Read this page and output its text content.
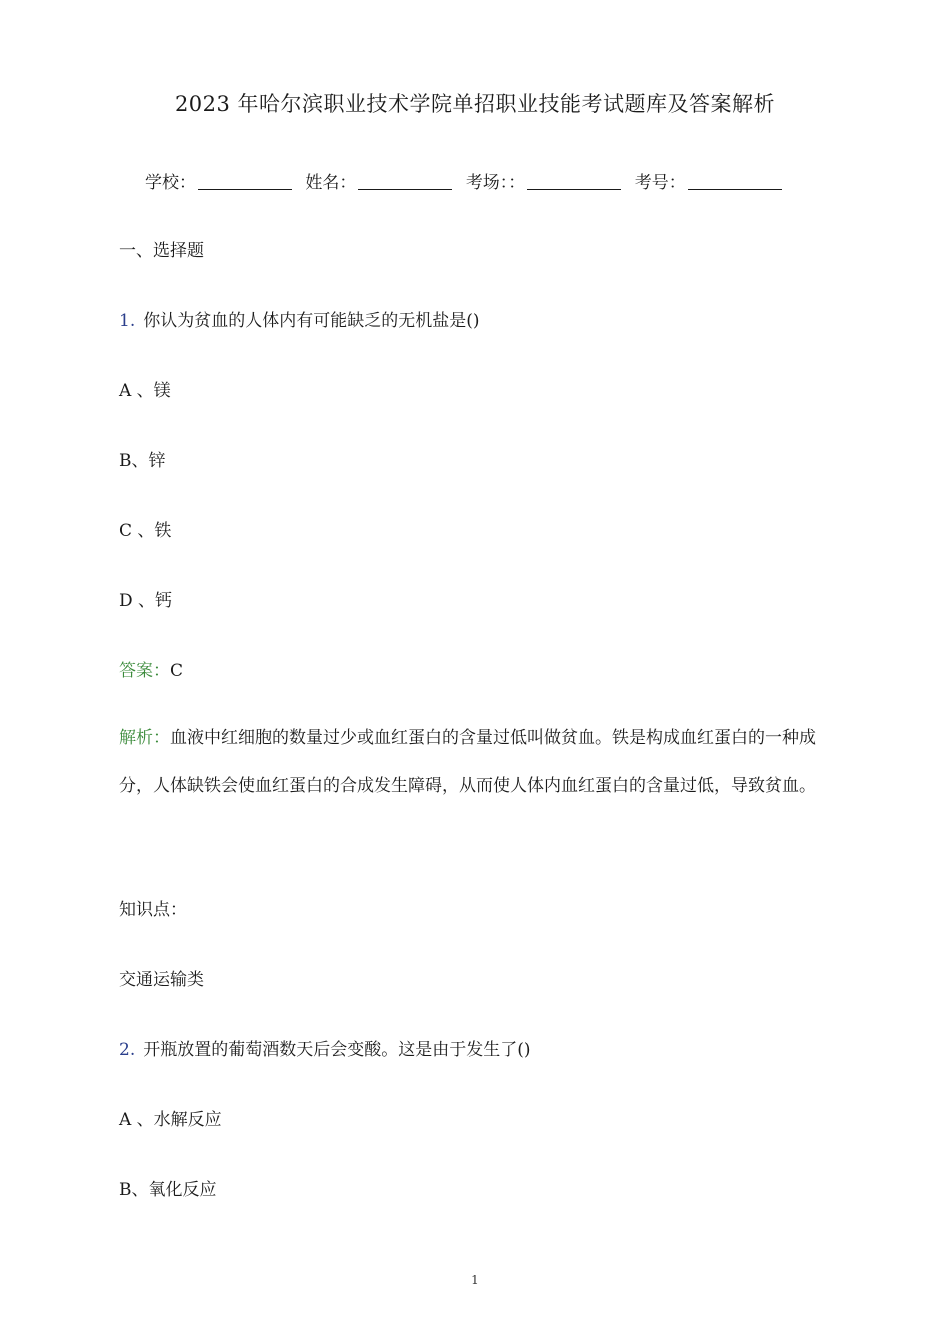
2023 年哈尔滨职业技术学院单招职业技能考试题库及答案解析
学校：	姓名：	考场：：	考号：
一、选择题
1. 你认为贫血的人体内有可能缺乏的无机盐是()
A 、镁
B、锌
C 、铁
D 、钙
答案：C
解析：血液中红细胞的数量过少或血红蛋白的含量过低叫做贫血。铁是构成血红蛋白的一种成分，人体缺铁会使血红蛋白的合成发生障碍，从而使人体内血红蛋白的含量过低，导致贫血。
知识点：
交通运输类
2. 开瓶放置的葡萄酒数天后会变酸。这是由于发生了()
A 、水解反应
B、氧化反应
1
